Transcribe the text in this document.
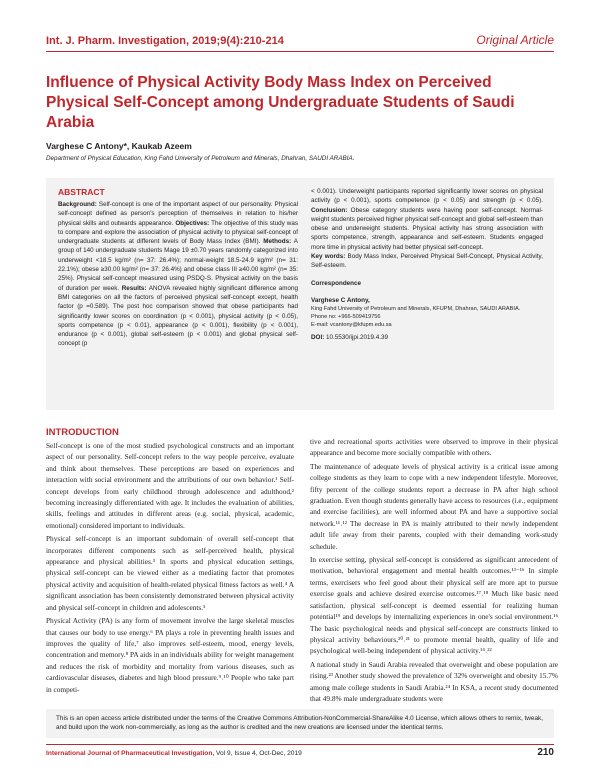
Int. J. Pharm. Investigation, 2019;9(4):210-214	Original Article
Influence of Physical Activity Body Mass Index on Perceived Physical Self-Concept among Undergraduate Students of Saudi Arabia
Varghese C Antony*, Kaukab Azeem
Department of Physical Education, King Fahd University of Petroleum and Minerals, Dhahran, SAUDI ARABIA.
ABSTRACT
Background: Self-concept is one of the important aspect of our personality. Physical self-concept defined as person's perception of themselves in relation to his/her physical skills and outwards appearance. Objectives: The objective of this study was to compare and explore the association of physical activity to physical self-concept of undergraduate students at different levels of Body Mass Index (BMI). Methods: A group of 140 undergraduate students Mage 19 ±0.70 years randomly categorized into underweight <18.5 kg/m² (n= 37: 26.4%); normal-weight 18.5-24.9 kg/m² (n= 31: 22.1%); obese ≥30.00 kg/m² (n= 37: 26.4%) and obese class III ≥40.00 kg/m² (n= 35: 25%). Physical self-concept measured using PSDQ-S. Physical activity on the basis of duration per week. Results: ANOVA revealed highly significant difference among BMI categories on all the factors of perceived physical self-concept except, health factor (p =0.589). The post hoc comparison showed that obese participants had significantly lower scores on coordination (p < 0.001), physical activity (p < 0.05), sports competence (p < 0.01), appearance (p < 0.001), flexibility (p < 0.001), endurance (p < 0.001), global self-esteem (p < 0.001) and global physical self-concept (p
< 0.001). Underweight participants reported significantly lower scores on physical activity (p < 0.001), sports competence (p < 0.05) and strength (p < 0.05). Conclusion: Obese category students were having poor self-concept. Normal-weight students perceived higher physical self-concept and global self-esteem than obese and underweight students. Physical activity has strong association with sports competence, strength, appearance and self-esteem. Students engaged more time in physical activity had better physical self-concept.
Key words: Body Mass Index, Perceived Physical Self-Concept, Physical Activity, Self-esteem.
Correspondence
Varghese C Antony,
King Fahd University of Petroleum and Minerals, KFUPM, Dhahran, SAUDI ARABIA.
Phone no: +966-509419756
E-mail: vcantony@kfupm.edu.sa
DOI: 10.5530/ijpi.2019.4.39
INTRODUCTION

Self-concept is one of the most studied psychological constructs and an important aspect of our personality. Self-concept refers to the way people perceive, evaluate and think about themselves. These perceptions are based on experiences and interaction with social environment and the attributions of our own behavior.¹ Self-concept develops from early childhood through adolescence and adulthood,² becoming increasingly differentiated with age. It includes the evaluation of abilities, skills, feelings and attitudes in different areas (e.g. social, physical, academic, emotional) considered important to individuals.

Physical self-concept is an important subdomain of overall self-concept that incorporates different components such as self-perceived health, physical appearance and physical abilities.³ In sports and physical education settings, physical self-concept can be viewed either as a mediating factor that promotes physical activity and acquisition of health-related physical fitness factors as well.⁴ A significant association has been consistently demonstrated between physical activity and physical self-concept in children and adolescents.⁵

Physical Activity (PA) is any form of movement involve the large skeletal muscles that causes our body to use energy.⁶ PA plays a role in preventing health issues and improves the quality of life,⁷ also improves self-esteem, mood, energy levels, concentration and memory.⁸ PA aids in an individuals ability for weight management and reduces the risk of morbidity and mortality from various diseases, such as cardiovascular diseases, diabetes and high blood pressure.⁹˒¹⁰ People who take part in competi-

tive and recreational sports activities were observed to improve in their physical appearance and become more socially compatible with others.

The maintenance of adequate levels of physical activity is a critical issue among college students as they learn to cope with a new independent lifestyle. Moreover, fifty percent of the college students report a decrease in PA after high school graduation. Even though students generally have access to resources (i.e., equipment and exercise facilities), are well informed about PA and have a supportive social network.¹¹˒¹² The decrease in PA is mainly attributed to their newly independent adult life away from their parents, coupled with their demanding work-study schedule.

In exercise setting, physical self-concept is considered as significant antecedent of motivation, behavioral engagement and mental health outcomes.¹³⁻¹⁶ In simple terms, exercisers who feel good about their physical self are more apt to pursue exercise goals and achieve desired exercise outcomes.¹⁷˒¹⁸ Much like basic need satisfaction, physical self-concept is deemed essential for realizing human potential¹⁹ and develops by internalizing experiences in one's social environment.¹⁶ The basic psychological needs and physical self-concept are constructs linked to physical activity behaviours,²⁰˒²¹ to promote mental health, quality of life and psychological well-being independent of physical activity.¹⁴˒²²

A national study in Saudi Arabia revealed that overweight and obese population are rising.²³ Another study showed the prevalence of 32% overweight and obesity 15.7% among male college students in Saudi Arabia.²⁴ In KSA, a recent study documented that 49.8% male undergraduate students were

This is an open access article distributed under the terms of the Creative Commons Attribution-NonCommercial-ShareAlike 4.0 License, which allows others to remix, tweak, and build upon the work non-commercially, as long as the author is credited and the new creations are licensed under the identical terms.
International Journal of Pharmaceutical Investigation, Vol 9, Issue 4, Oct-Dec, 2019	210
